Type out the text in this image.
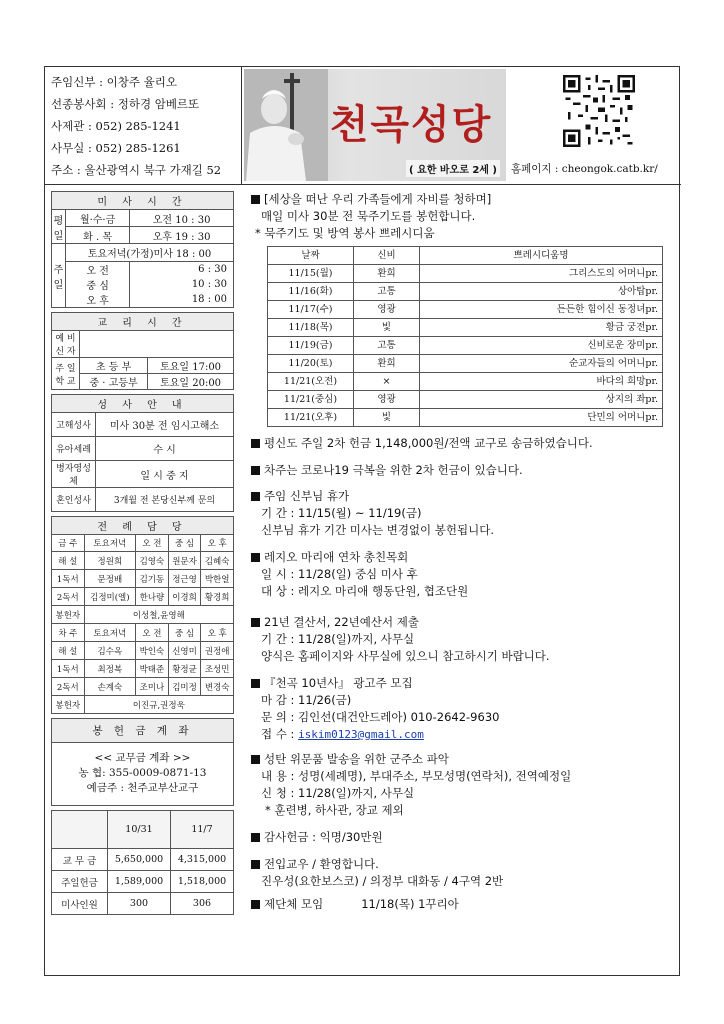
주임신부 : 이창주 율리오
선종봉사회 : 정하경 암베르또
사제관 : 052) 285-1241
사무실 : 052) 285-1261
주소 : 울산광역시 북구 가재길 52
천곡성당
( 요한 바오로 2세 )	홈페이지 : cheongok.catb.kr/
미 사 시 간		
평일	월·수·금	오전 10 : 30
	화 . 목	오후 19 : 30
주일	토요저녁(가정)미사 18 : 00	
	오 전	6 : 30
	중 심	10 : 30
	오 후	18 : 00
교 리 시 간		
예 비 신 자		
주 일 학 교	초 등 부	토요일 17:00
	중 · 고등부	토요일 20:00
성 사 안 내	
고해성사	미사 30분 전 임시고해소
유아세례	수 시
병자영성체	일 시 중 지
혼인성사	3개월 전 본당신부께 문의
전 례 담 당				
금 주	토요저녁	오 전	중 심	오 후
해 설	정원희	김영숙	원문자	김혜숙
1독서	문정배	김기동	정근영	박한얼
2독서	김정미(엘)	한나량	이경희	황경희
봉헌자	이성철,윤영해			
차 주	토요저녁	오 전	중 심	오 후
해 설	김수옥	박인숙	신영미	권정애
1독서	최정복	박태준	황정균	조성민
2독서	손계숙	조미나	김미정	변경숙
봉헌자	이진규,권정욱			
봉 헌 금 계 좌
<< 교무금 계좌 >>
농 협: 355-0009-0871-13
예금주 : 천주교부산교구
	10/31	11/7
교 무 금	5,650,000	4,315,000
주일헌금	1,589,000	1,518,000
미사인원	300	306
[세상을 떠난 우리 가족들에게 자비를 청하며]
매일 미사 30분 전 묵주기도를 봉헌합니다.
* 묵주기도 및 방역 봉사 쁘레시디움
날짜	신비	쁘레시디움명
11/15(월)	환희	그리스도의 어머니pr.
11/16(화)	고통	상아탑pr.
11/17(수)	영광	든든한 힘이신 동정녀pr.
11/18(목)	빛	황금 궁전pr.
11/19(금)	고통	신비로운 장미pr.
11/20(토)	환희	순교자들의 어머니pr.
11/21(오전)	×	바다의 희망pr.
11/21(중심)	영광	상지의 좌pr.
11/21(오후)	빛	단민의 어머니pr.
평신도 주일 2차 헌금 1,148,000원/전액 교구로 송금하였습니다.
차주는 코로나19 극복을 위한 2차 헌금이 있습니다.
주임 신부님 휴가
기 간 : 11/15(월) ~ 11/19(금)
신부님 휴가 기간 미사는 변경없이 봉헌됩니다.
레지오 마리애 연차 총친목회
일 시 : 11/28(일) 중심 미사 후
대 상 : 레지오 마리애 행동단원, 협조단원
21년 결산서, 22년예산서 제출
기 간 : 11/28(일)까지, 사무실
양식은 홈페이지와 사무실에 있으니 참고하시기 바랍니다.
『천곡 10년사』 광고주 모집
마 감 : 11/26(금)
문 의 : 김인선(대건안드레아) 010-2642-9630
접 수 : iskim0123@gmail.com
성탄 위문품 발송을 위한 군주소 파악
내 용 : 성명(세례명), 부대주소, 부모성명(연락처), 전역예정일
신 청 : 11/28(일)까지, 사무실
* 훈련병, 하사관, 장교 제외
감사헌금 : 익명/30만원
전입교우 / 환영합니다.
진우성(요한보스코) / 의정부 대화동 / 4구역 2반
제단체 모임	11/18(목) 1꾸리아
